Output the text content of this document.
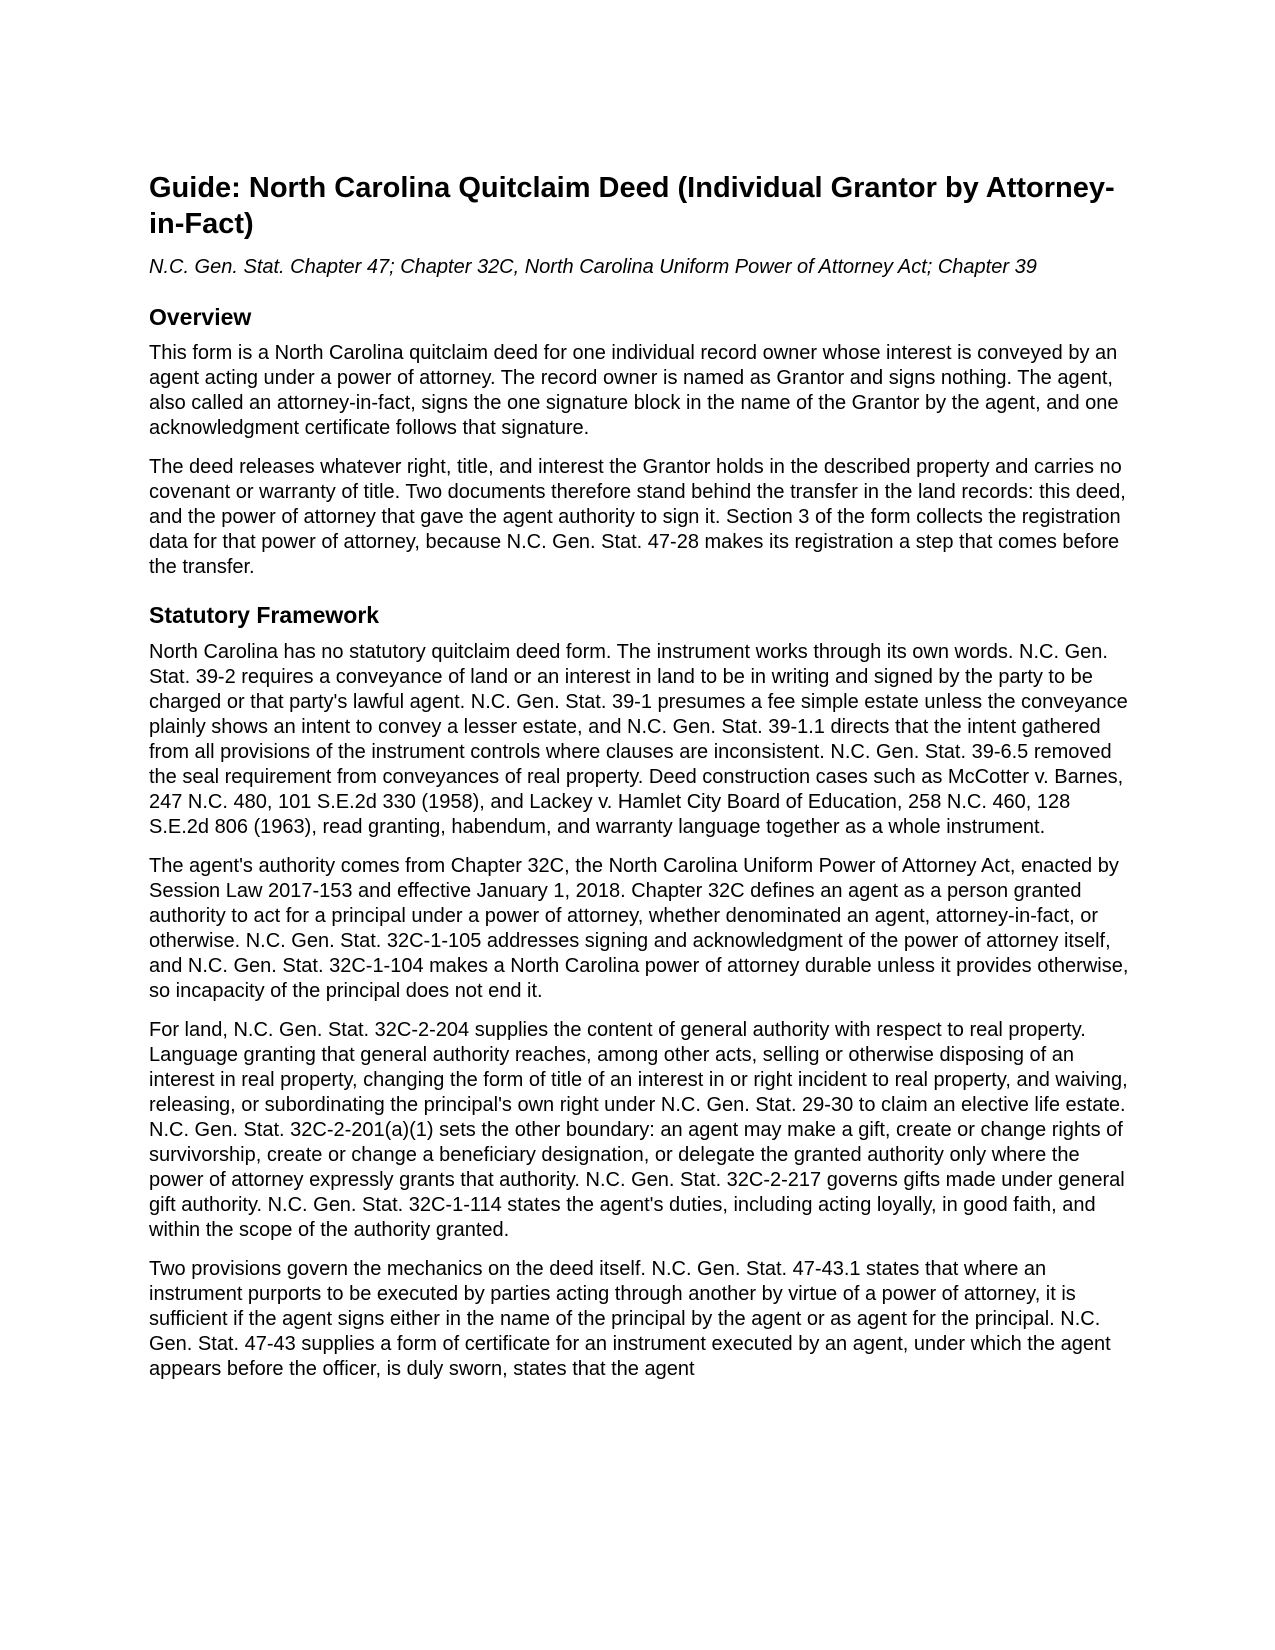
Guide: North Carolina Quitclaim Deed (Individual Grantor by Attorney-in-Fact)

N.C. Gen. Stat. Chapter 47; Chapter 32C, North Carolina Uniform Power of Attorney Act; Chapter 39

Overview

This form is a North Carolina quitclaim deed for one individual record owner whose interest is conveyed by an agent acting under a power of attorney. The record owner is named as Grantor and signs nothing. The agent, also called an attorney-in-fact, signs the one signature block in the name of the Grantor by the agent, and one acknowledgment certificate follows that signature.

The deed releases whatever right, title, and interest the Grantor holds in the described property and carries no covenant or warranty of title. Two documents therefore stand behind the transfer in the land records: this deed, and the power of attorney that gave the agent authority to sign it. Section 3 of the form collects the registration data for that power of attorney, because N.C. Gen. Stat. 47-28 makes its registration a step that comes before the transfer.

Statutory Framework

North Carolina has no statutory quitclaim deed form. The instrument works through its own words. N.C. Gen. Stat. 39-2 requires a conveyance of land or an interest in land to be in writing and signed by the party to be charged or that party's lawful agent. N.C. Gen. Stat. 39-1 presumes a fee simple estate unless the conveyance plainly shows an intent to convey a lesser estate, and N.C. Gen. Stat. 39-1.1 directs that the intent gathered from all provisions of the instrument controls where clauses are inconsistent. N.C. Gen. Stat. 39-6.5 removed the seal requirement from conveyances of real property. Deed construction cases such as McCotter v. Barnes, 247 N.C. 480, 101 S.E.2d 330 (1958), and Lackey v. Hamlet City Board of Education, 258 N.C. 460, 128 S.E.2d 806 (1963), read granting, habendum, and warranty language together as a whole instrument.

The agent's authority comes from Chapter 32C, the North Carolina Uniform Power of Attorney Act, enacted by Session Law 2017-153 and effective January 1, 2018. Chapter 32C defines an agent as a person granted authority to act for a principal under a power of attorney, whether denominated an agent, attorney-in-fact, or otherwise. N.C. Gen. Stat. 32C-1-105 addresses signing and acknowledgment of the power of attorney itself, and N.C. Gen. Stat. 32C-1-104 makes a North Carolina power of attorney durable unless it provides otherwise, so incapacity of the principal does not end it.

For land, N.C. Gen. Stat. 32C-2-204 supplies the content of general authority with respect to real property. Language granting that general authority reaches, among other acts, selling or otherwise disposing of an interest in real property, changing the form of title of an interest in or right incident to real property, and waiving, releasing, or subordinating the principal's own right under N.C. Gen. Stat. 29-30 to claim an elective life estate. N.C. Gen. Stat. 32C-2-201(a)(1) sets the other boundary: an agent may make a gift, create or change rights of survivorship, create or change a beneficiary designation, or delegate the granted authority only where the power of attorney expressly grants that authority. N.C. Gen. Stat. 32C-2-217 governs gifts made under general gift authority. N.C. Gen. Stat. 32C-1-114 states the agent's duties, including acting loyally, in good faith, and within the scope of the authority granted.

Two provisions govern the mechanics on the deed itself. N.C. Gen. Stat. 47-43.1 states that where an instrument purports to be executed by parties acting through another by virtue of a power of attorney, it is sufficient if the agent signs either in the name of the principal by the agent or as agent for the principal. N.C. Gen. Stat. 47-43 supplies a form of certificate for an instrument executed by an agent, under which the agent appears before the officer, is duly sworn, states that the agent
